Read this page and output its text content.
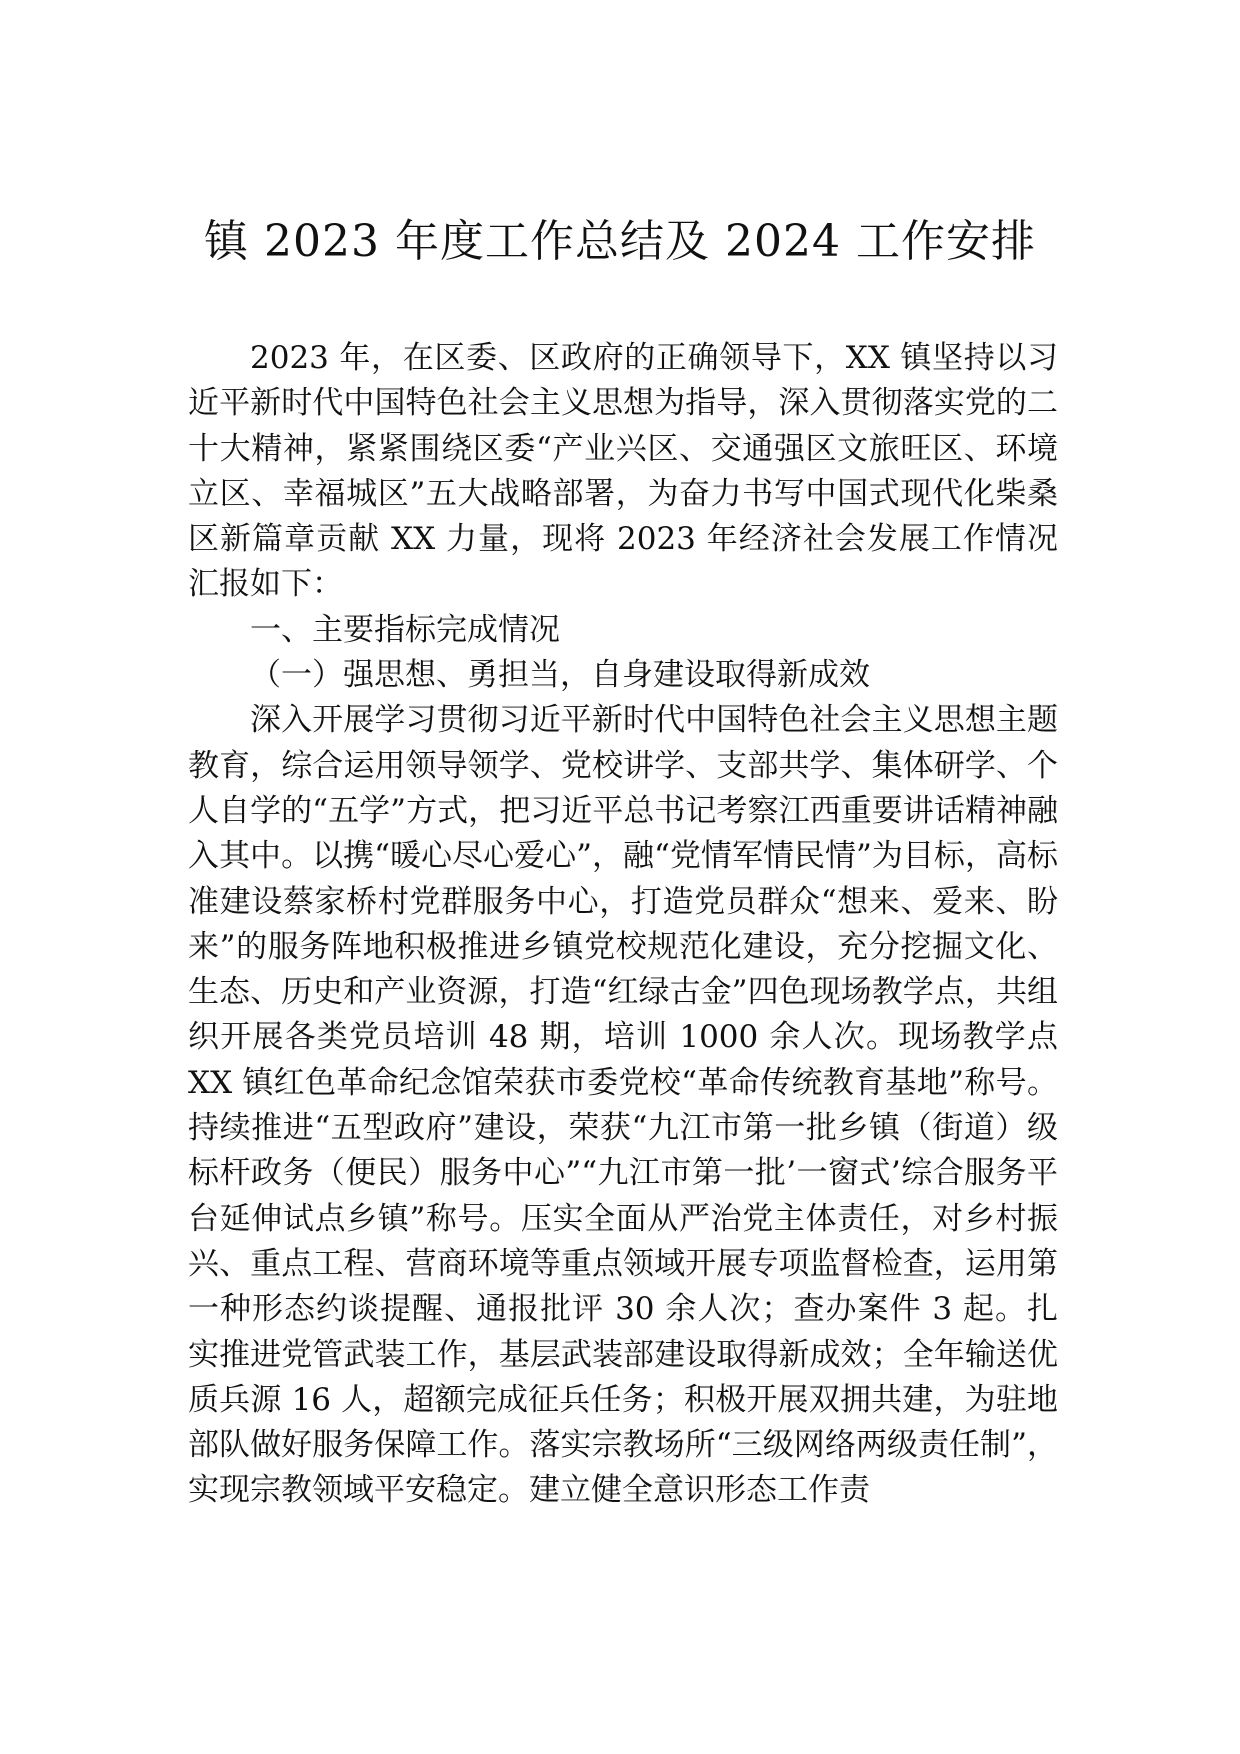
镇 2023 年度工作总结及 2024 工作安排

2023 年，在区委、区政府的正确领导下，XX 镇坚持以习近平新时代中国特色社会主义思想为指导，深入贯彻落实党的二十大精神，紧紧围绕区委“产业兴区、交通强区文旅旺区、环境立区、幸福城区”五大战略部署，为奋力书写中国式现代化柴桑区新篇章贡献 XX 力量，现将 2023 年经济社会发展工作情况汇报如下：

一、主要指标完成情况

（一）强思想、勇担当，自身建设取得新成效

深入开展学习贯彻习近平新时代中国特色社会主义思想主题教育，综合运用领导领学、党校讲学、支部共学、集体研学、个人自学的“五学”方式，把习近平总书记考察江西重要讲话精神融入其中。以携“暖心尽心爱心”，融“党情军情民情”为目标，高标准建设蔡家桥村党群服务中心，打造党员群众“想来、爱来、盼来”的服务阵地积极推进乡镇党校规范化建设，充分挖掘文化、生态、历史和产业资源，打造“红绿古金”四色现场教学点，共组织开展各类党员培训 48 期，培训 1000 余人次。现场教学点 XX 镇红色革命纪念馆荣获市委党校“革命传统教育基地”称号。持续推进“五型政府”建设，荣获“九江市第一批乡镇（街道）级标杆政务（便民）服务中心”“九江市第一批’一窗式’综合服务平台延伸试点乡镇”称号。压实全面从严治党主体责任，对乡村振兴、重点工程、营商环境等重点领域开展专项监督检查，运用第一种形态约谈提醒、通报批评 30 余人次；查办案件 3 起。扎实推进党管武装工作，基层武装部建设取得新成效；全年输送优质兵源 16 人，超额完成征兵任务；积极开展双拥共建，为驻地部队做好服务保障工作。落实宗教场所“三级网络两级责任制”，实现宗教领域平安稳定。建立健全意识形态工作责
